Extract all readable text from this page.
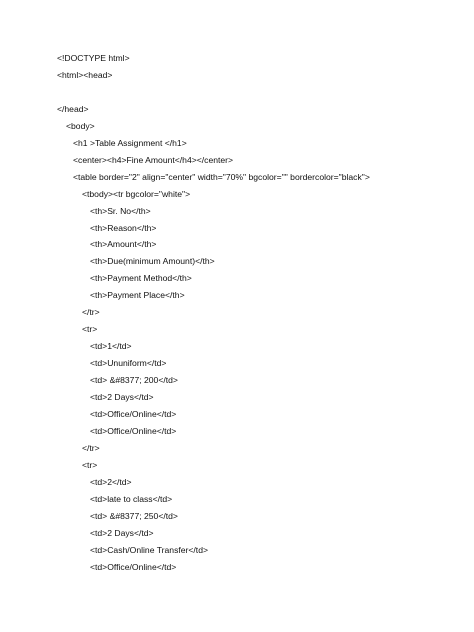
<!DOCTYPE html>
<html><head>
</head>
<body>
<h1 >Table Assignment </h1>
<center><h4>Fine Amount</h4></center>
<table border="2" align="center" width="70%" bgcolor="" bordercolor="black">
<tbody><tr bgcolor="white">
<th>Sr. No</th>
<th>Reason</th>
<th>Amount</th>
<th>Due(minimum Amount)</th>
<th>Payment Method</th>
<th>Payment Place</th>
</tr>
<tr>
<td>1</td>
<td>Ununiform</td>
<td> &#8377; 200</td>
<td>2 Days</td>
<td>Office/Online</td>
<td>Office/Online</td>
</tr>
<tr>
<td>2</td>
<td>late to class</td>
<td> &#8377; 250</td>
<td>2 Days</td>
<td>Cash/Online Transfer</td>
<td>Office/Online</td>
